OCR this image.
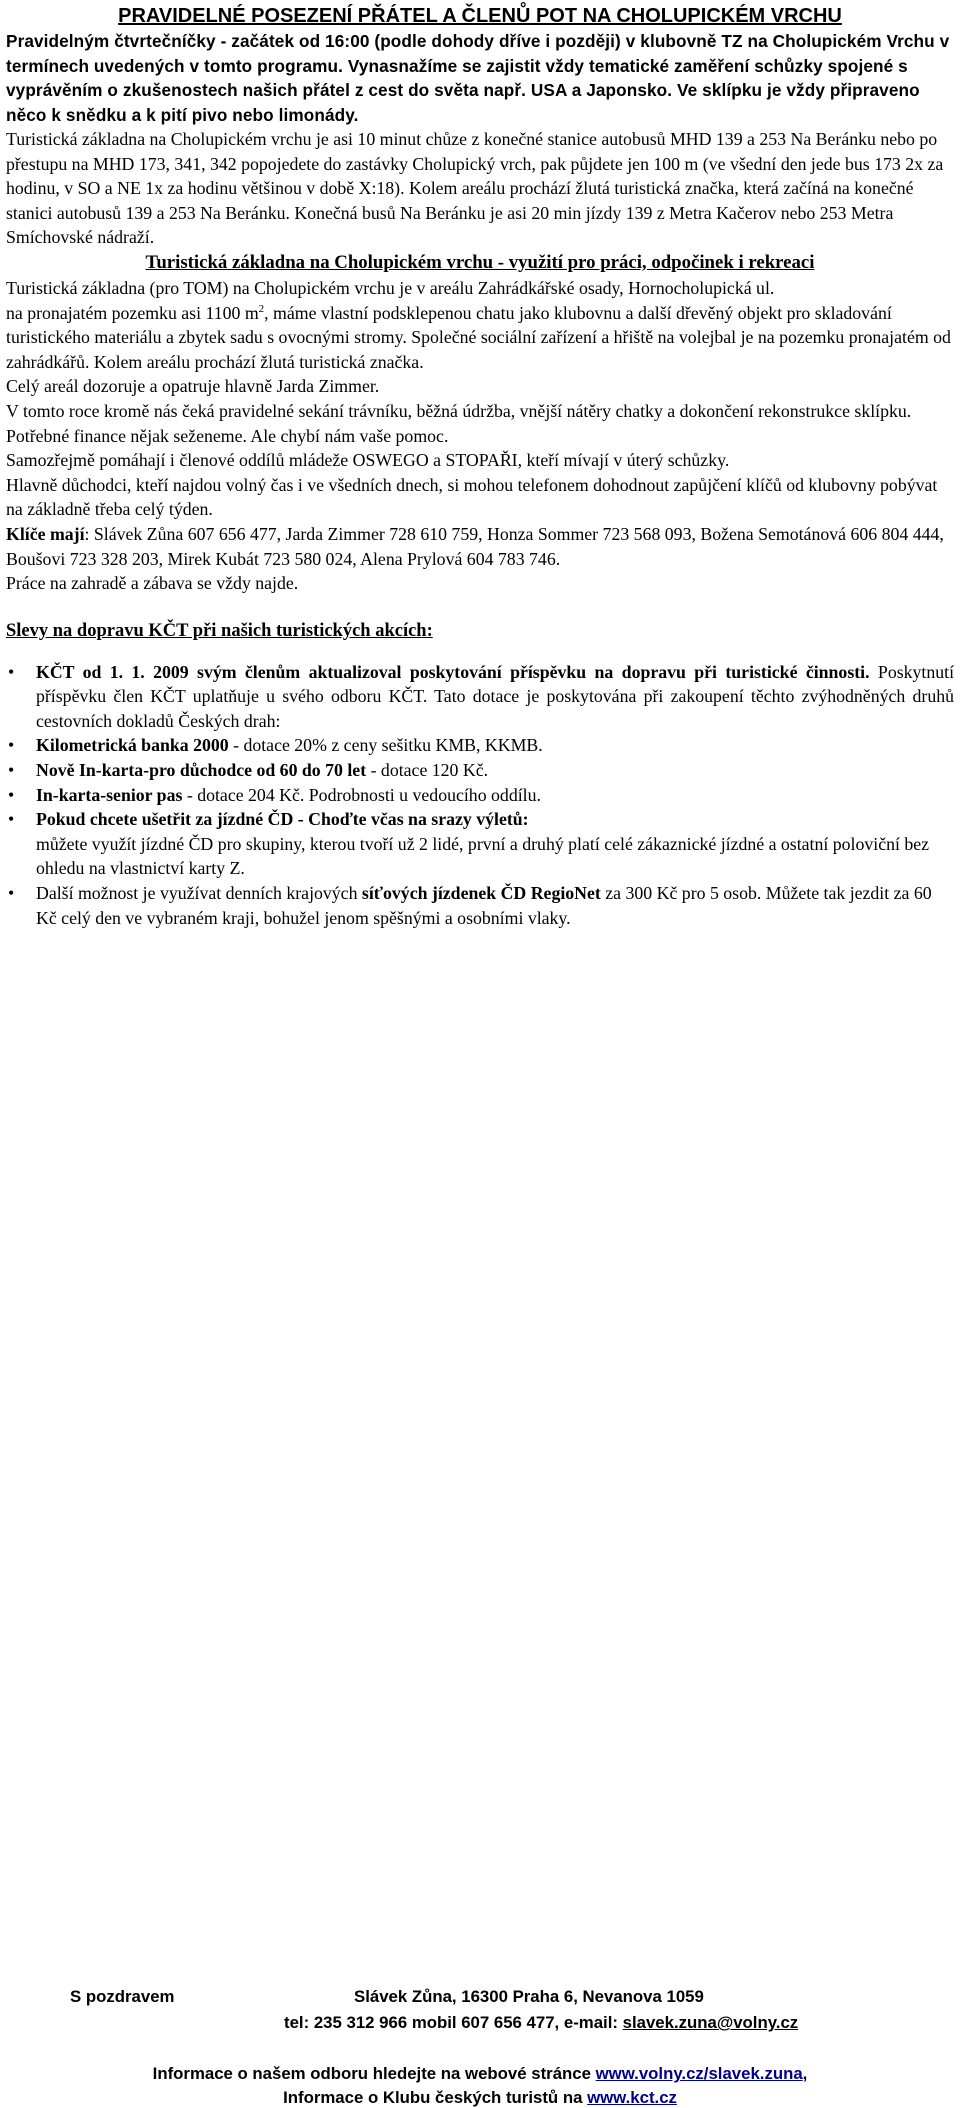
PRAVIDELNÉ POSEZENÍ PŘÁTEL A ČLENŮ POT NA CHOLUPICKÉM VRCHU

Pravidelným čtvrtečníčky - začátek od 16:00 (podle dohody dříve i později) v klubovně TZ na Cholupickém Vrchu v termínech uvedených v tomto programu. Vynasnažíme se zajistit vždy tematické zaměření schůzky spojené s vyprávěním o zkušenostech našich přátel z cest do světa např. USA a Japonsko. Ve sklípku je vždy připraveno něco k snědku a k pití pivo nebo limonády.

Turistická základna na Cholupickém vrchu je asi 10 minut chůze z konečné stanice autobusů MHD 139 a 253 Na Beránku nebo po přestupu na MHD 173, 341, 342 popojedete do zastávky Cholupický vrch, pak půjdete jen 100 m (ve všední den jede bus 173 2x za hodinu, v SO a NE 1x za hodinu většinou v době X:18). Kolem areálu prochází žlutá turistická značka, která začíná na konečné stanici autobusů 139 a 253 Na Beránku. Konečná busů Na Beránku je asi 20 min jízdy 139 z Metra Kačerov nebo 253 Metra Smíchovské nádraží.

Turistická základna na Cholupickém vrchu - využití pro práci, odpočinek i rekreaci

Turistická základna (pro TOM) na Cholupickém vrchu je v areálu Zahrádkářské osady, Hornocholupická ul.

na pronajatém pozemku asi 1100 $m^2$, máme vlastní podsklepenou chatu jako klubovnu a další dřevěný objekt pro skladování turistického materiálu a zbytek sadu s ovocnými stromy. Společné sociální zařízení a hřiště na volejbal je na pozemku pronajatém od zahrádkářů. Kolem areálu prochází žlutá turistická značka.

Celý areál dozoruje a opatruje hlavně Jarda Zimmer.

V tomto roce kromě nás čeká pravidelné sekání trávníku, běžná údržba, vnější nátěry chatky a dokončení rekonstrukce sklípku. Potřebné finance nějak seženeme. Ale chybí nám vaše pomoc.

Samozřejmě pomáhají i členové oddílů mládeže OSWEGO a STOPAŘI, kteří mívají v úterý schůzky.

Hlavně důchodci, kteří najdou volný čas i ve všedních dnech, si mohou telefonem dohodnout zapůjčení klíčů od klubovny pobývat na základně třeba celý týden.

Klíče mají: Slávek Zůna 607 656 477, Jarda Zimmer 728 610 759, Honza Sommer 723 568 093, Božena Semotánová 606 804 444, Boušovi 723 328 203, Mirek Kubát 723 580 024, Alena Prylová 604 783 746.

Práce na zahradě a zábava se vždy najde.

Slevy na dopravu KČT při našich turistických akcích:
• KČT od 1. 1. 2009 svým členům aktualizoval poskytování příspěvku na dopravu při turistické činnosti. Poskytnutí příspěvku člen KČT uplatňuje u svého odboru KČT. Tato dotace je poskytována při zakoupení těchto zvýhodněných druhů cestovních dokladů Českých drah:
• Kilometrická banka 2000 - dotace 20% z ceny sešitku KMB, KKMB.
• Nově In-karta-pro důchodce od 60 do 70 let - dotace 120 Kč.
• In-karta-senior pas - dotace 204 Kč. Podrobnosti u vedoucího oddílu.
• Pokud chcete ušetřit za jízdné ČD - Choďte včas na srazy výletů:
můžete využít jízdné ČD pro skupiny, kterou tvoří už 2 lidé, první a druhý platí celé zákaznické jízdné a ostatní poloviční bez ohledu na vlastnictví karty Z.
• Další možnost je využívat denních krajových síťových jízdenek ČD RegioNet za 300 Kč pro 5 osob. Můžete tak jezdit za 60 Kč celý den ve vybraném kraji, bohužel jenom spěšnými a osobními vlaky.
S pozdravem	Slávek Zůna, 16300 Praha 6, Nevanova 1059
tel: 235 312 966 mobil 607 656 477, e-mail: slavek.zuna@volny.cz
Informace o našem odboru hledejte na webové stránce www.volny.cz/slavek.zuna,
Informace o Klubu českých turistů na www.kct.cz
